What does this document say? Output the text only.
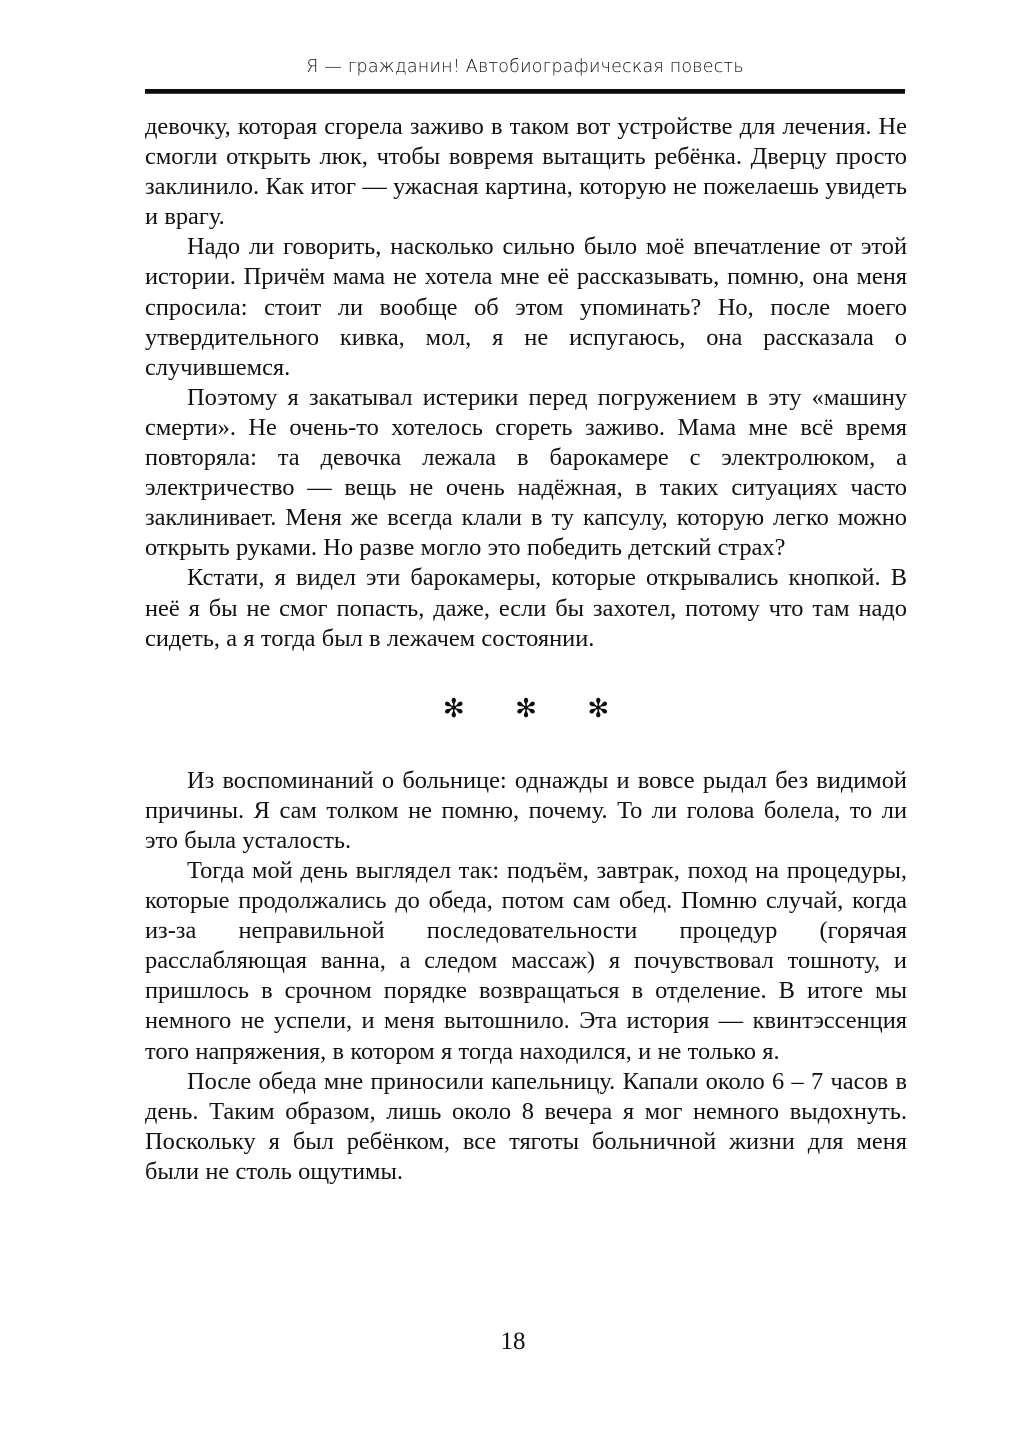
Я — гражданин! Автобиографическая повесть

девочку, которая сгорела заживо в таком вот устройстве для лечения. Не смогли открыть люк, чтобы вовремя вытащить ребёнка. Дверцу просто заклинило. Как итог — ужасная картина, которую не пожелаешь увидеть и врагу.

Надо ли говорить, насколько сильно было моё впечатление от этой истории. Причём мама не хотела мне её рассказывать, помню, она меня спросила: стоит ли вообще об этом упоминать? Но, после моего утвердительного кивка, мол, я не испугаюсь, она рассказала о случившемся.

Поэтому я закатывал истерики перед погружением в эту «машину смерти». Не очень-то хотелось сгореть заживо. Мама мне всё время повторяла: та девочка лежала в барокамере с электролюком, а электричество — вещь не очень надёжная, в таких ситуациях часто заклинивает. Меня же всегда клали в ту капсулу, которую легко можно открыть руками. Но разве могло это победить детский страх?

Кстати, я видел эти барокамеры, которые открывались кнопкой. В неё я бы не смог попасть, даже, если бы захотел, потому что там надо сидеть, а я тогда был в лежачем состоянии.

✻ ✻ ✻

Из воспоминаний о больнице: однажды и вовсе рыдал без видимой причины. Я сам толком не помню, почему. То ли голова болела, то ли это была усталость.

Тогда мой день выглядел так: подъём, завтрак, поход на процедуры, которые продолжались до обеда, потом сам обед. Помню случай, когда из-за неправильной последовательности процедур (горячая расслабляющая ванна, а следом массаж) я почувствовал тошноту, и пришлось в срочном порядке возвращаться в отделение. В итоге мы немного не успели, и меня вытошнило. Эта история — квинтэссенция того напряжения, в котором я тогда находился, и не только я.

После обеда мне приносили капельницу. Капали около 6 – 7 часов в день. Таким образом, лишь около 8 вечера я мог немного выдохнуть. Поскольку я был ребёнком, все тяготы больничной жизни для меня были не столь ощутимы.

18
